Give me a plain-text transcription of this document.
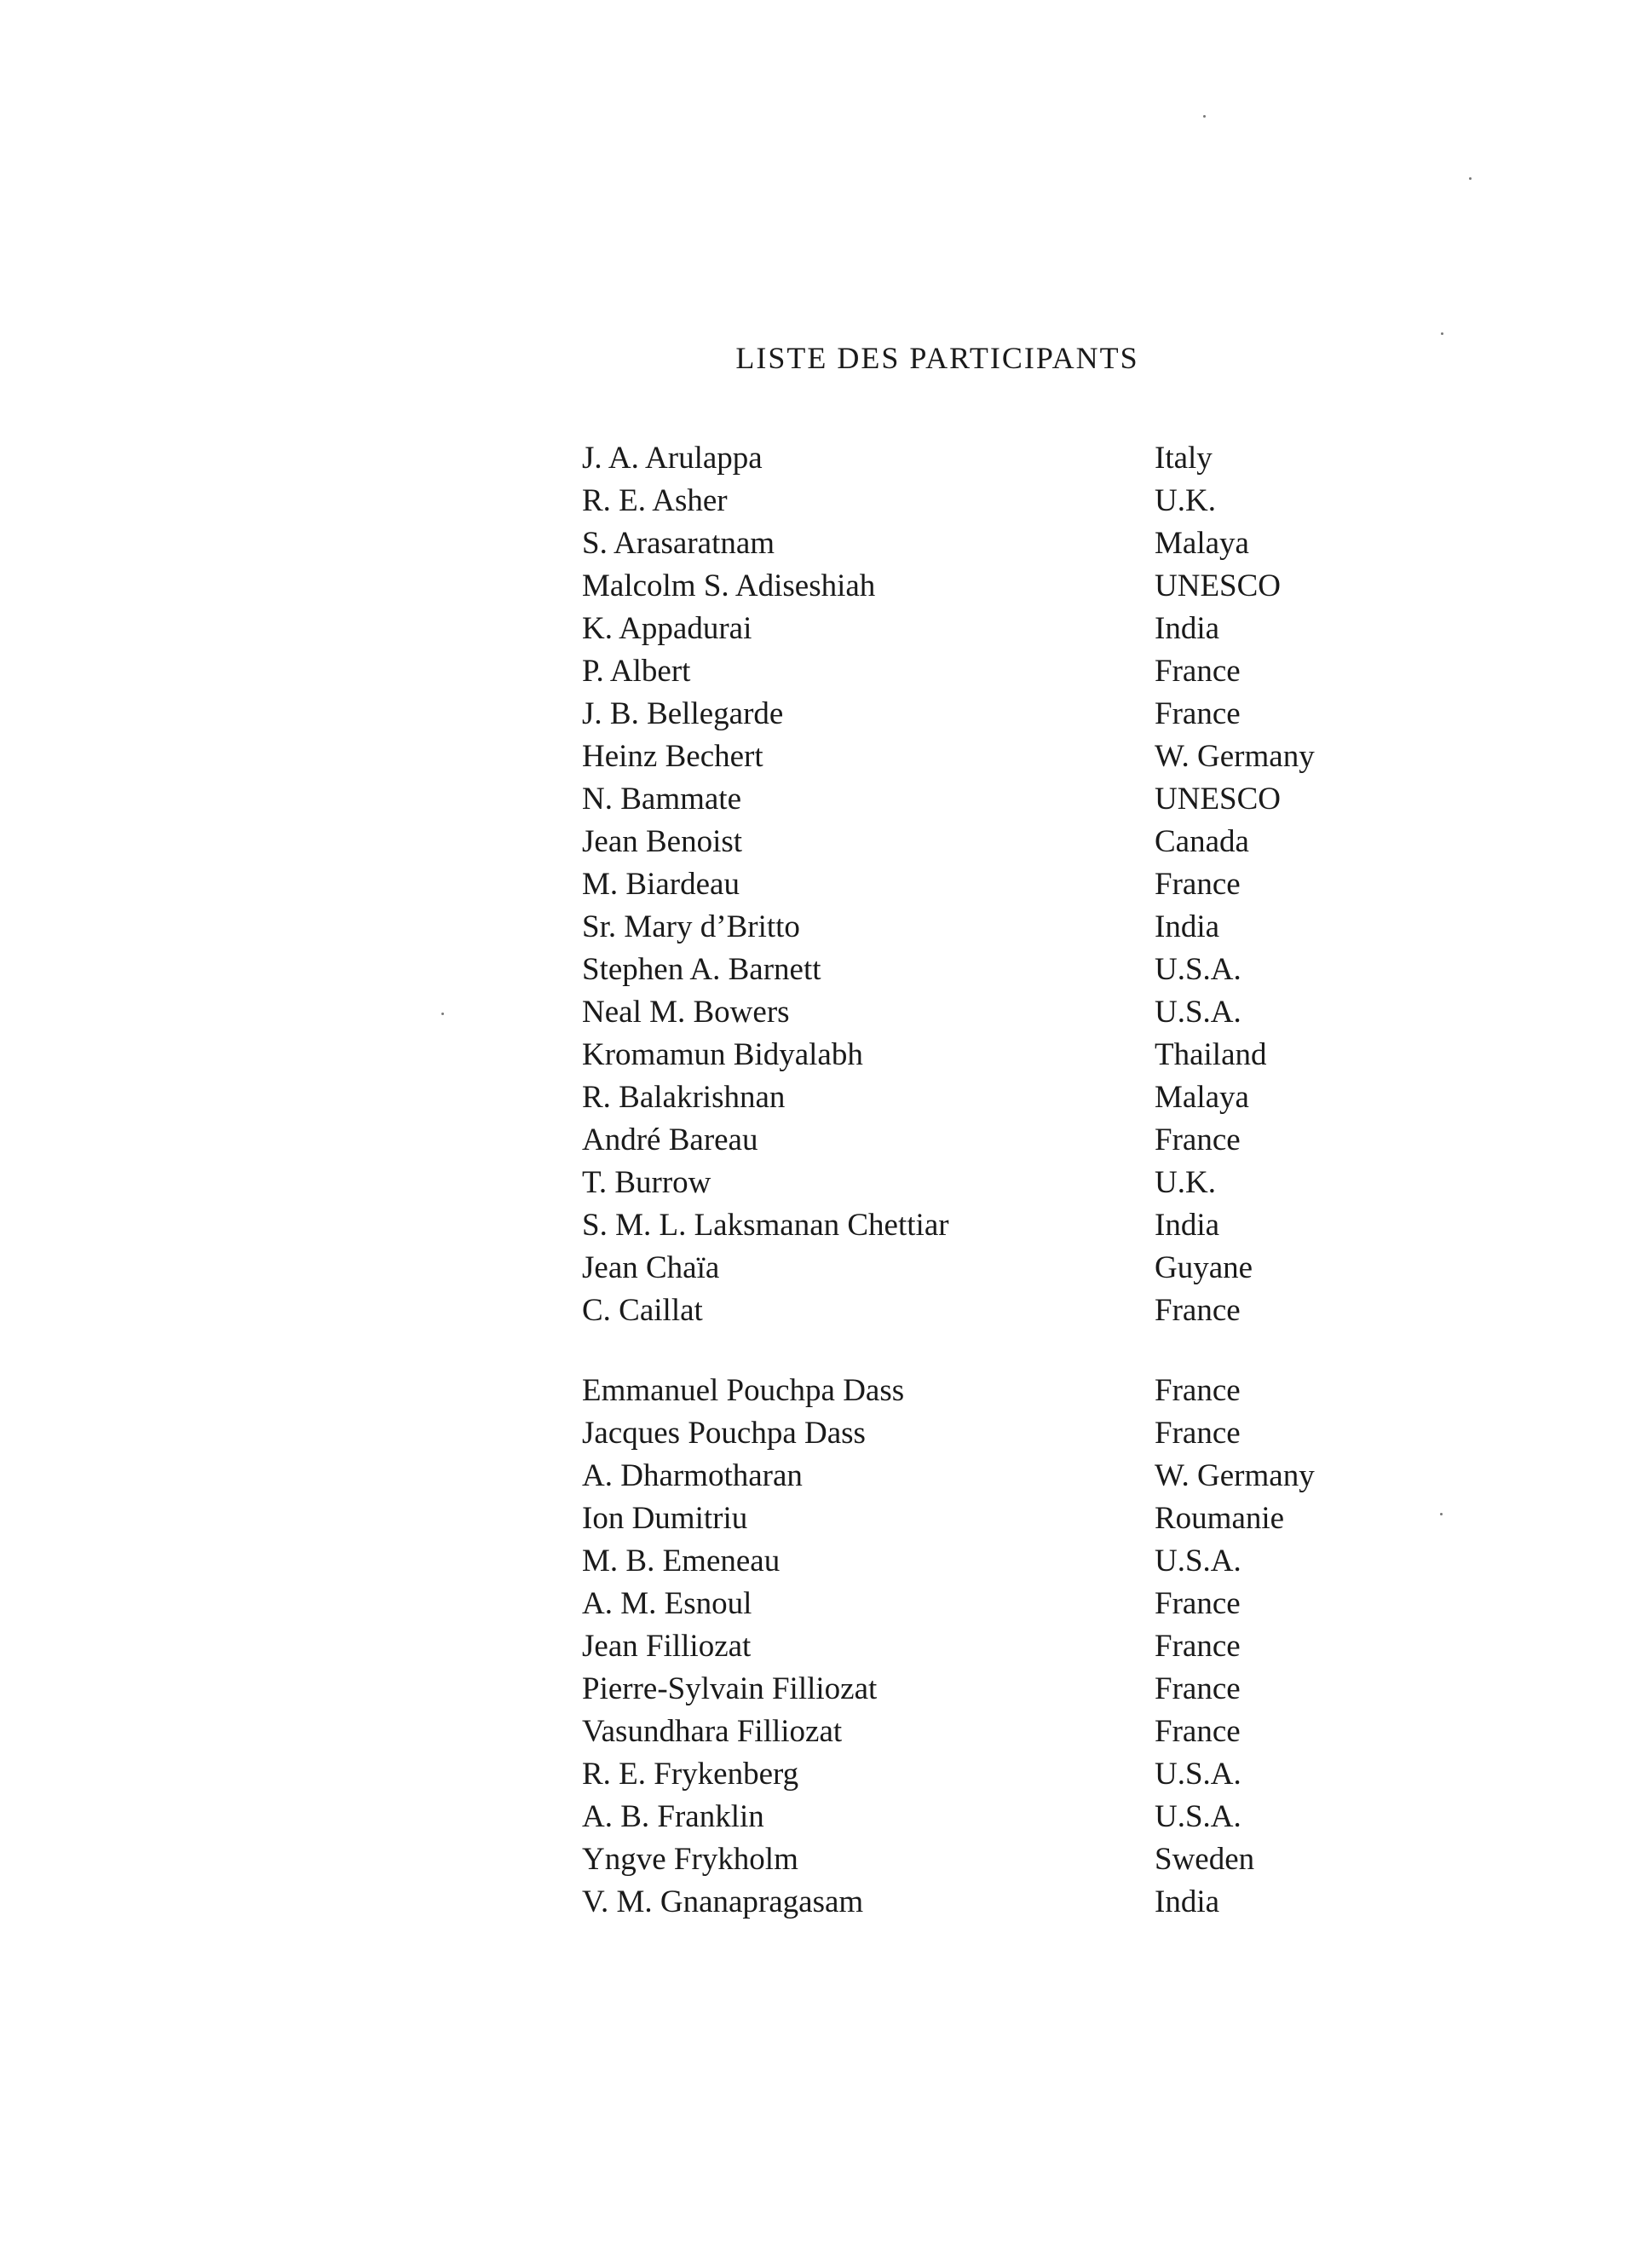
LISTE DES PARTICIPANTS
J. A. Arulappa	Italy
R. E. Asher	U.K.
S. Arasaratnam	Malaya
Malcolm S. Adiseshiah	UNESCO
K. Appadurai	India
P. Albert	France
J. B. Bellegarde	France
Heinz Bechert	W. Germany
N. Bammate	UNESCO
Jean Benoist	Canada
M. Biardeau	France
Sr. Mary d’Britto	India
Stephen A. Barnett	U.S.A.
Neal M. Bowers	U.S.A.
Kromamun Bidyalabh	Thailand
R. Balakrishnan	Malaya
André Bareau	France
T. Burrow	U.K.
S. M. L. Laksmanan Chettiar	India
Jean Chaïa	Guyane
C. Caillat	France
Emmanuel Pouchpa Dass	France
Jacques Pouchpa Dass	France
A. Dharmotharan	W. Germany
Ion Dumitriu	Roumanie
M. B. Emeneau	U.S.A.
A. M. Esnoul	France
Jean Filliozat	France
Pierre-Sylvain Filliozat	France
Vasundhara Filliozat	France
R. E. Frykenberg	U.S.A.
A. B. Franklin	U.S.A.
Yngve Frykholm	Sweden
V. M. Gnanapragasam	India
